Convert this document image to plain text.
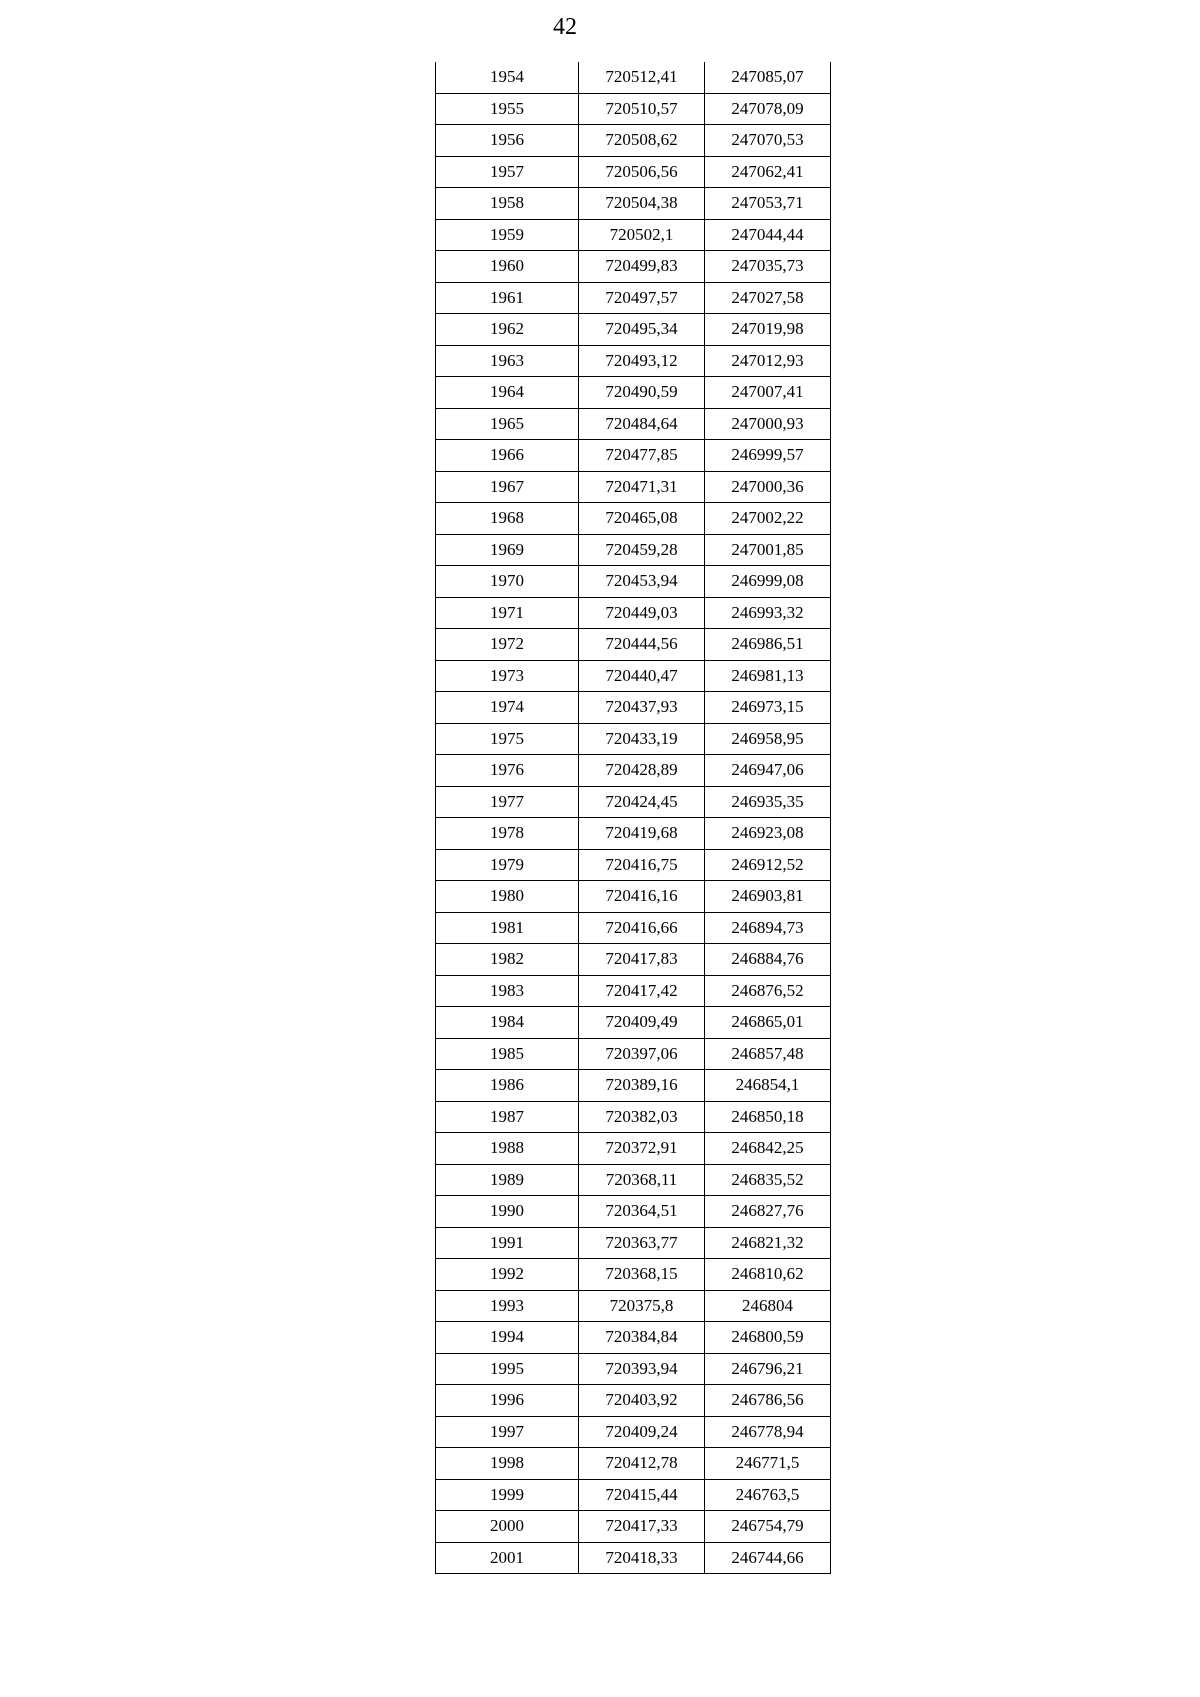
42
1954	720512,41	247085,07
1955	720510,57	247078,09
1956	720508,62	247070,53
1957	720506,56	247062,41
1958	720504,38	247053,71
1959	720502,1	247044,44
1960	720499,83	247035,73
1961	720497,57	247027,58
1962	720495,34	247019,98
1963	720493,12	247012,93
1964	720490,59	247007,41
1965	720484,64	247000,93
1966	720477,85	246999,57
1967	720471,31	247000,36
1968	720465,08	247002,22
1969	720459,28	247001,85
1970	720453,94	246999,08
1971	720449,03	246993,32
1972	720444,56	246986,51
1973	720440,47	246981,13
1974	720437,93	246973,15
1975	720433,19	246958,95
1976	720428,89	246947,06
1977	720424,45	246935,35
1978	720419,68	246923,08
1979	720416,75	246912,52
1980	720416,16	246903,81
1981	720416,66	246894,73
1982	720417,83	246884,76
1983	720417,42	246876,52
1984	720409,49	246865,01
1985	720397,06	246857,48
1986	720389,16	246854,1
1987	720382,03	246850,18
1988	720372,91	246842,25
1989	720368,11	246835,52
1990	720364,51	246827,76
1991	720363,77	246821,32
1992	720368,15	246810,62
1993	720375,8	246804
1994	720384,84	246800,59
1995	720393,94	246796,21
1996	720403,92	246786,56
1997	720409,24	246778,94
1998	720412,78	246771,5
1999	720415,44	246763,5
2000	720417,33	246754,79
2001	720418,33	246744,66
